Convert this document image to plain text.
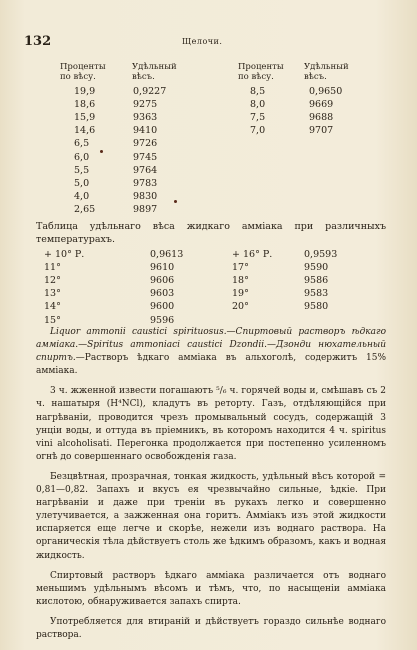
132	Щелочи.
Проценты по вѣсу.
Удѣльный вѣсъ.
Проценты по вѣсу.
Удѣльный вѣсъ.
19,9	0,9227
18,6	9275
15,9	9363
14,6	9410
6,5	9726
6,0	9745
5,5	9764
5,0	9783
4,0	9830
2,65	9897
8,5	0,9650
8,0	9669
7,5	9688
7,0	9707
Таблица удѣльнаго вѣса жидкаго амміака при различныхъ температурахъ.
+ 10° Р.	0,9613
11°	9610
12°	9606
13°	9603
14°	9600
15°	9596
+ 16° Р.	0,9593
17°	9590
18°	9586
19°	9583
20°	9580

Liquor ammonii caustici spirituosus.—Спиртовый растворъ ѣдкаго амміака.—Spiritus ammoniaci caustici Dzondii.—Дзонди нюхательный спиртъ.—Растворъ ѣдкаго амміака въ альхоголѣ, содержитъ 15% амміака.

3 ч. жженной извести погашаютъ ⁵/₆ ч. горячей воды и, смѣшавъ съ 2 ч. нашатыря (H⁴NCl), кладутъ въ реторту. Газъ, отдѣляющійся при нагрѣваніи, проводится чрезъ промывальный сосудъ, содержащій 3 унціи воды, и оттуда въ пріемникъ, въ которомъ находится 4 ч. spiritus vini alcoholisati. Перегонка продолжается при постепенно усиленномъ огнѣ до совершеннаго освобожденія газа.

Безцвѣтная, прозрачная, тонкая жидкость, удѣльный вѣсъ которой = 0,81—0,82. Запахъ и вкусъ ея чрезвычайно сильные, ѣдкіе. При нагрѣваніи и даже при треніи въ рукахъ легко и совершенно улетучивается, а зажженная она горитъ. Амміакъ изъ этой жидкости испаряется еще легче и скорѣе, нежели изъ воднаго раствора. На органическія тѣла дѣйствуетъ столь же ѣдкимъ образомъ, какъ и водная жидкость.

Спиртовый растворъ ѣдкаго амміака различается отъ воднаго меньшимъ удѣльнымъ вѣсомъ и тѣмъ, что, по насыщеніи амміака кислотою, обнаруживается запахъ спирта.

Употребляется для втираній и дѣйствуетъ гораздо сильнѣе воднаго раствора.
